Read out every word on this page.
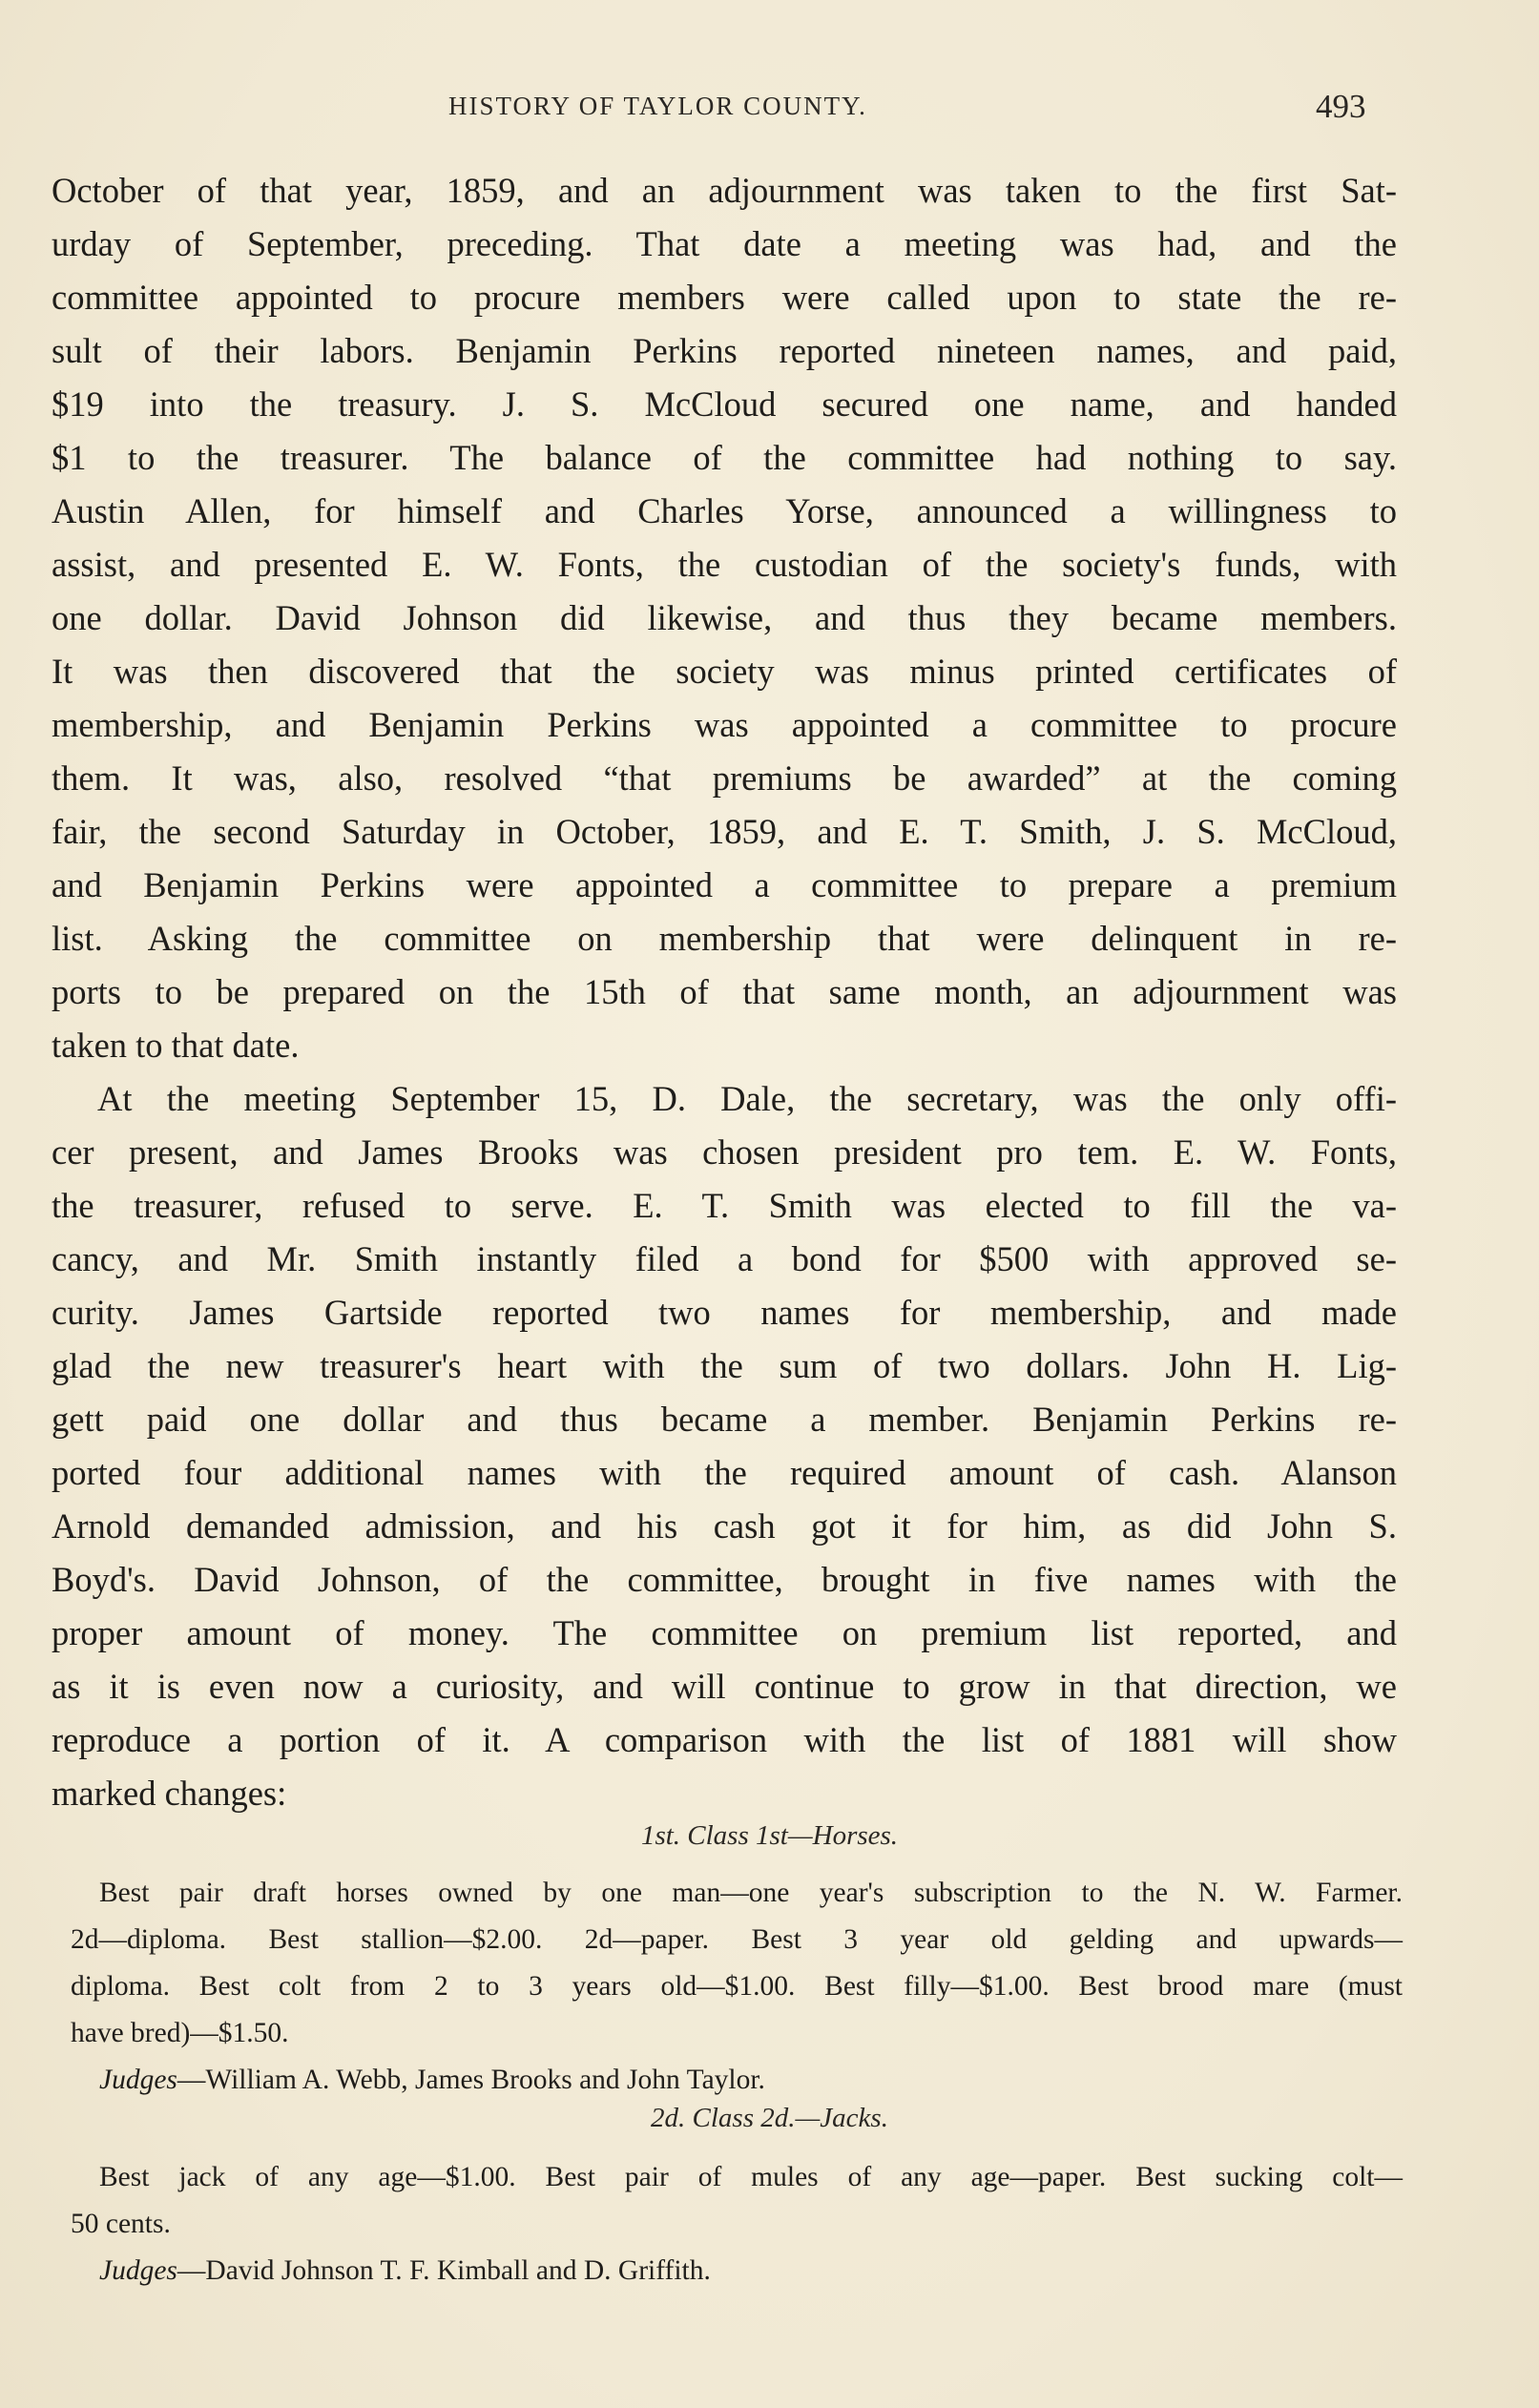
HISTORY OF TAYLOR COUNTY.	493
October of that year, 1859, and an adjournment was taken to the first Sat-
urday of September, preceding. That date a meeting was had, and the
committee appointed to procure members were called upon to state the re-
sult of their labors. Benjamin Perkins reported nineteen names, and paid,
$19 into the treasury. J. S. McCloud secured one name, and handed
$1 to the treasurer. The balance of the committee had nothing to say.
Austin Allen, for himself and Charles Yorse, announced a willingness to
assist, and presented E. W. Fonts, the custodian of the society's funds, with
one dollar. David Johnson did likewise, and thus they became members.
It was then discovered that the society was minus printed certificates of
membership, and Benjamin Perkins was appointed a committee to procure
them. It was, also, resolved “that premiums be awarded” at the coming
fair, the second Saturday in October, 1859, and E. T. Smith, J. S. McCloud,
and Benjamin Perkins were appointed a committee to prepare a premium
list. Asking the committee on membership that were delinquent in re-
ports to be prepared on the 15th of that same month, an adjournment was
taken to that date.
At the meeting September 15, D. Dale, the secretary, was the only offi-
cer present, and James Brooks was chosen president pro tem. E. W. Fonts,
the treasurer, refused to serve. E. T. Smith was elected to fill the va-
cancy, and Mr. Smith instantly filed a bond for $500 with approved se-
curity. James Gartside reported two names for membership, and made
glad the new treasurer's heart with the sum of two dollars. John H. Lig-
gett paid one dollar and thus became a member. Benjamin Perkins re-
ported four additional names with the required amount of cash. Alanson
Arnold demanded admission, and his cash got it for him, as did John S.
Boyd's. David Johnson, of the committee, brought in five names with the
proper amount of money. The committee on premium list reported, and
as it is even now a curiosity, and will continue to grow in that direction, we
reproduce a portion of it. A comparison with the list of 1881 will show
marked changes:
1st. Class 1st—Horses.
Best pair draft horses owned by one man—one year's subscription to the N. W. Farmer.
2d—diploma. Best stallion—$2.00. 2d—paper. Best 3 year old gelding and upwards—
diploma. Best colt from 2 to 3 years old—$1.00. Best filly—$1.00. Best brood mare (must
have bred)—$1.50.
Judges—William A. Webb, James Brooks and John Taylor.
2d. Class 2d.—Jacks.
Best jack of any age—$1.00. Best pair of mules of any age—paper. Best sucking colt—
50 cents.
Judges—David Johnson T. F. Kimball and D. Griffith.
